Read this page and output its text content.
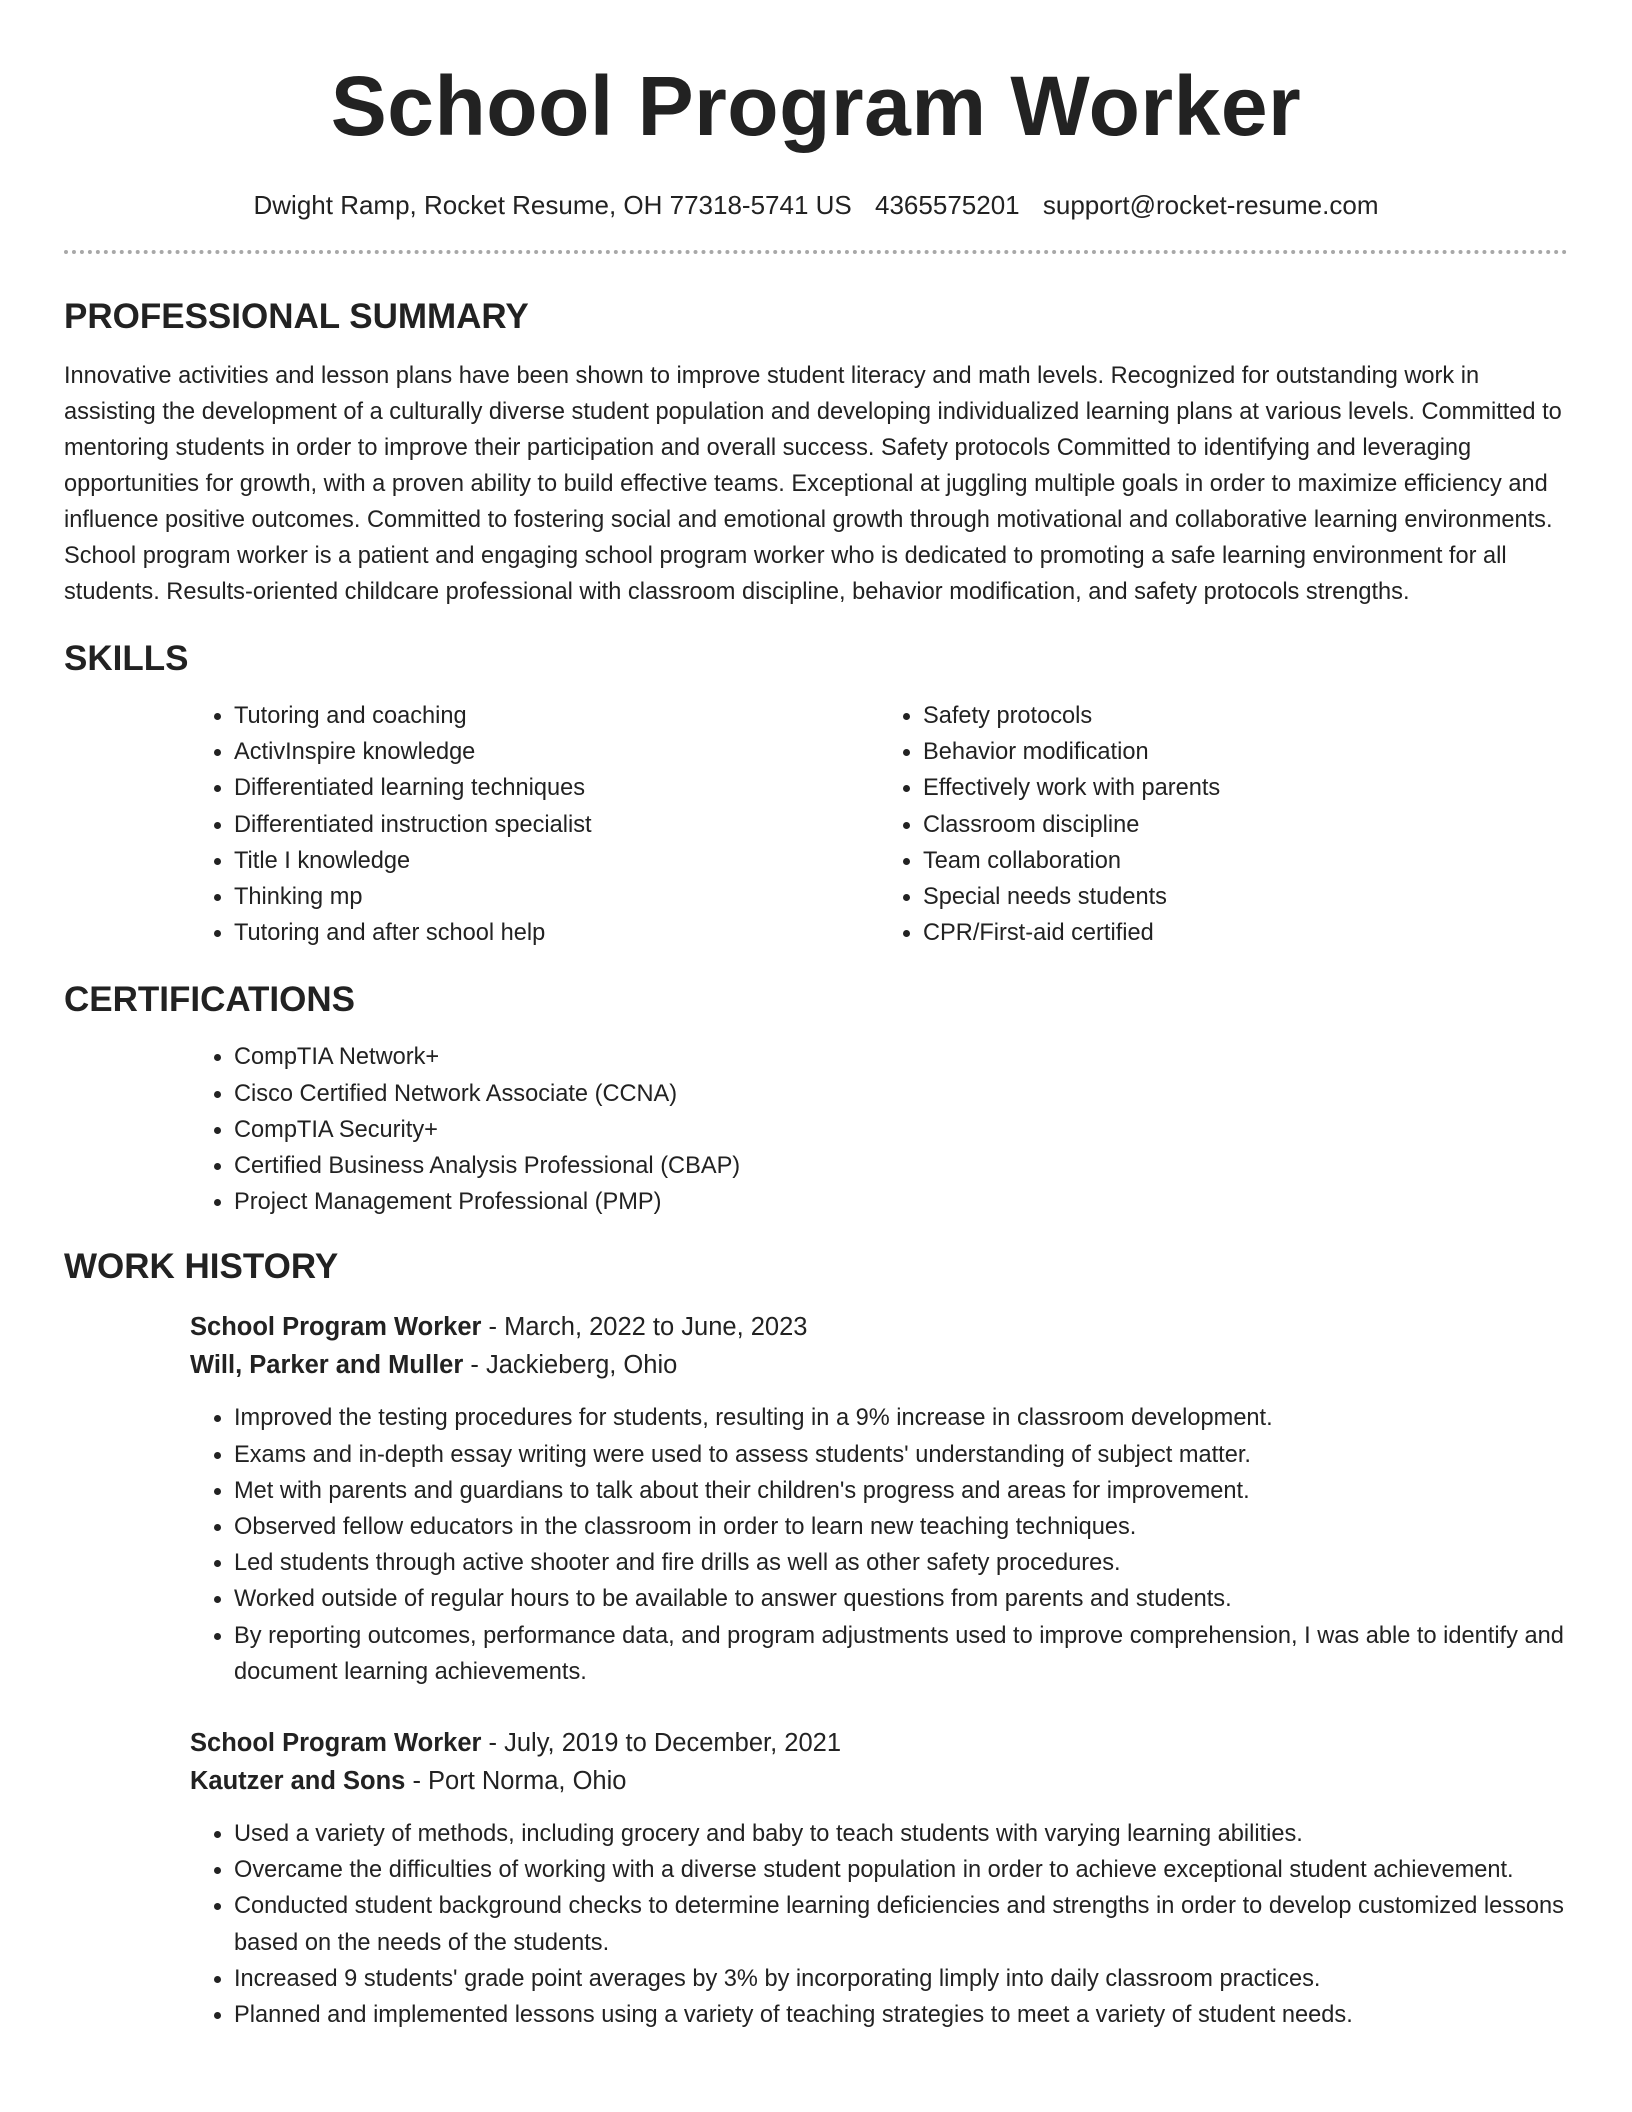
School Program Worker
Dwight Ramp, Rocket Resume, OH 77318-5741 US 4365575201 support@rocket-resume.com
PROFESSIONAL SUMMARY

Innovative activities and lesson plans have been shown to improve student literacy and math levels. Recognized for outstanding work in assisting the development of a culturally diverse student population and developing individualized learning plans at various levels. Committed to mentoring students in order to improve their participation and overall success. Safety protocols Committed to identifying and leveraging opportunities for growth, with a proven ability to build effective teams. Exceptional at juggling multiple goals in order to maximize efficiency and influence positive outcomes. Committed to fostering social and emotional growth through motivational and collaborative learning environments. School program worker is a patient and engaging school program worker who is dedicated to promoting a safe learning environment for all students. Results-oriented childcare professional with classroom discipline, behavior modification, and safety protocols strengths.

SKILLS
• Tutoring and coaching
• ActivInspire knowledge
• Differentiated learning techniques
• Differentiated instruction specialist
• Title I knowledge
• Thinking mp
• Tutoring and after school help
• Safety protocols
• Behavior modification
• Effectively work with parents
• Classroom discipline
• Team collaboration
• Special needs students
• CPR/First-aid certified
CERTIFICATIONS
• CompTIA Network+
• Cisco Certified Network Associate (CCNA)
• CompTIA Security+
• Certified Business Analysis Professional (CBAP)
• Project Management Professional (PMP)
WORK HISTORY
School Program Worker - March, 2022 to June, 2023
Will, Parker and Muller - Jackieberg, Ohio
• Improved the testing procedures for students, resulting in a 9% increase in classroom development.
• Exams and in-depth essay writing were used to assess students' understanding of subject matter.
• Met with parents and guardians to talk about their children's progress and areas for improvement.
• Observed fellow educators in the classroom in order to learn new teaching techniques.
• Led students through active shooter and fire drills as well as other safety procedures.
• Worked outside of regular hours to be available to answer questions from parents and students.
• By reporting outcomes, performance data, and program adjustments used to improve comprehension, I was able to identify and document learning achievements.
School Program Worker - July, 2019 to December, 2021
Kautzer and Sons - Port Norma, Ohio
• Used a variety of methods, including grocery and baby to teach students with varying learning abilities.
• Overcame the difficulties of working with a diverse student population in order to achieve exceptional student achievement.
• Conducted student background checks to determine learning deficiencies and strengths in order to develop customized lessons based on the needs of the students.
• Increased 9 students' grade point averages by 3% by incorporating limply into daily classroom practices.
• Planned and implemented lessons using a variety of teaching strategies to meet a variety of student needs.
